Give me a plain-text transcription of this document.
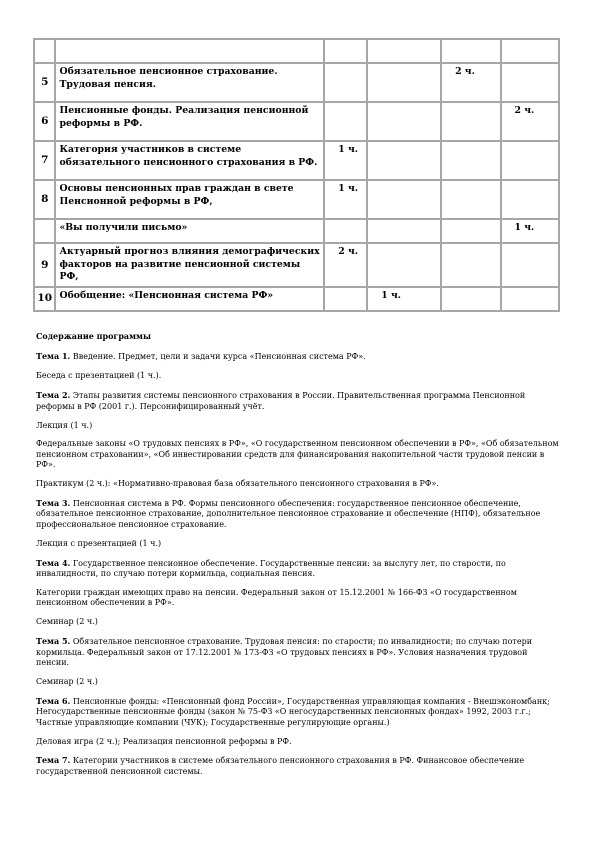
5	Обязательное пенсионное страхование. Трудовая пенсия.			2 ч.	
6	Пенсионные фонды. Реализация пенсионной реформы в РФ.				2 ч.
7	Категория участников в системе обязательного пенсионного страхования в РФ.	1 ч.			
8	Основы пенсионных прав граждан в свете Пенсионной реформы в РФ,	1 ч.			
	«Вы получили письмо»				1 ч.
9	Актуарный прогноз влияния демографических факторов на развитие пенсионной системы РФ,	2 ч.			
10	Обобщение: «Пенсионная система РФ»		1 ч.		
Содержание программы

Тема 1. Введение. Предмет, цели и задачи курса «Пенсионная система РФ».

Беседа с презентацией (1 ч.).

Тема 2. Этапы развития системы пенсионного страхования в России. Правительственная программа Пенсионной реформы в РФ (2001 г.). Персонифицированный учёт.

Лекция (1 ч.)

Федеральные законы «О трудовых пенсиях в РФ», «О государственном пенсионном обеспечении в РФ», «Об обязательном пенсионном страховании», «Об инвестировании средств для финансирования накопительной части трудовой пенсии в РФ».

Практикум (2 ч.): «Нормативно-правовая база обязательного пенсионного страхования в РФ».

Тема 3. Пенсионная система в РФ. Формы пенсионного обеспечения: государственное пенсионное обеспечение, обязательное пенсионное страхование, дополнительное пенсионное страхование и обеспечение (НПФ), обязательное профессиональное пенсионное страхование.

Лекция с презентацией (1 ч.)

Тема 4. Государственное пенсионное обеспечение. Государственные пенсии: за выслугу лет, по старости, по инвалидности, по случаю потери кормильца, социальная пенсия.

Категории граждан имеющих право на пенсии. Федеральный закон от 15.12.2001 № 166-ФЗ «О государственном пенсионном обеспечении в РФ».

Семинар (2 ч.)

Тема 5. Обязательное пенсионное страхование. Трудовая пенсия: по старости; по инвалидности; по случаю потери кормильца. Федеральный закон от 17.12.2001 № 173-ФЗ «О трудовых пенсиях в РФ». Условия назначения трудовой пенсии.

Семинар (2 ч.)

Тема 6. Пенсионные фонды: «Пенсионный фонд России», Государственная управляющая компания - Внешэкономбанк; Негосударственные пенсионные фонды (закон № 75-ФЗ «О негосударственных пенсионных фондах» 1992, 2003 г.г.; Частные управляющие компании (ЧУК); Государственные регулирующие органы.)

Деловая игра (2 ч.); Реализация пенсионной реформы в РФ.

Тема 7. Категории участников в системе обязательного пенсионного страхования в РФ. Финансовое обеспечение государственной пенсионной системы.
